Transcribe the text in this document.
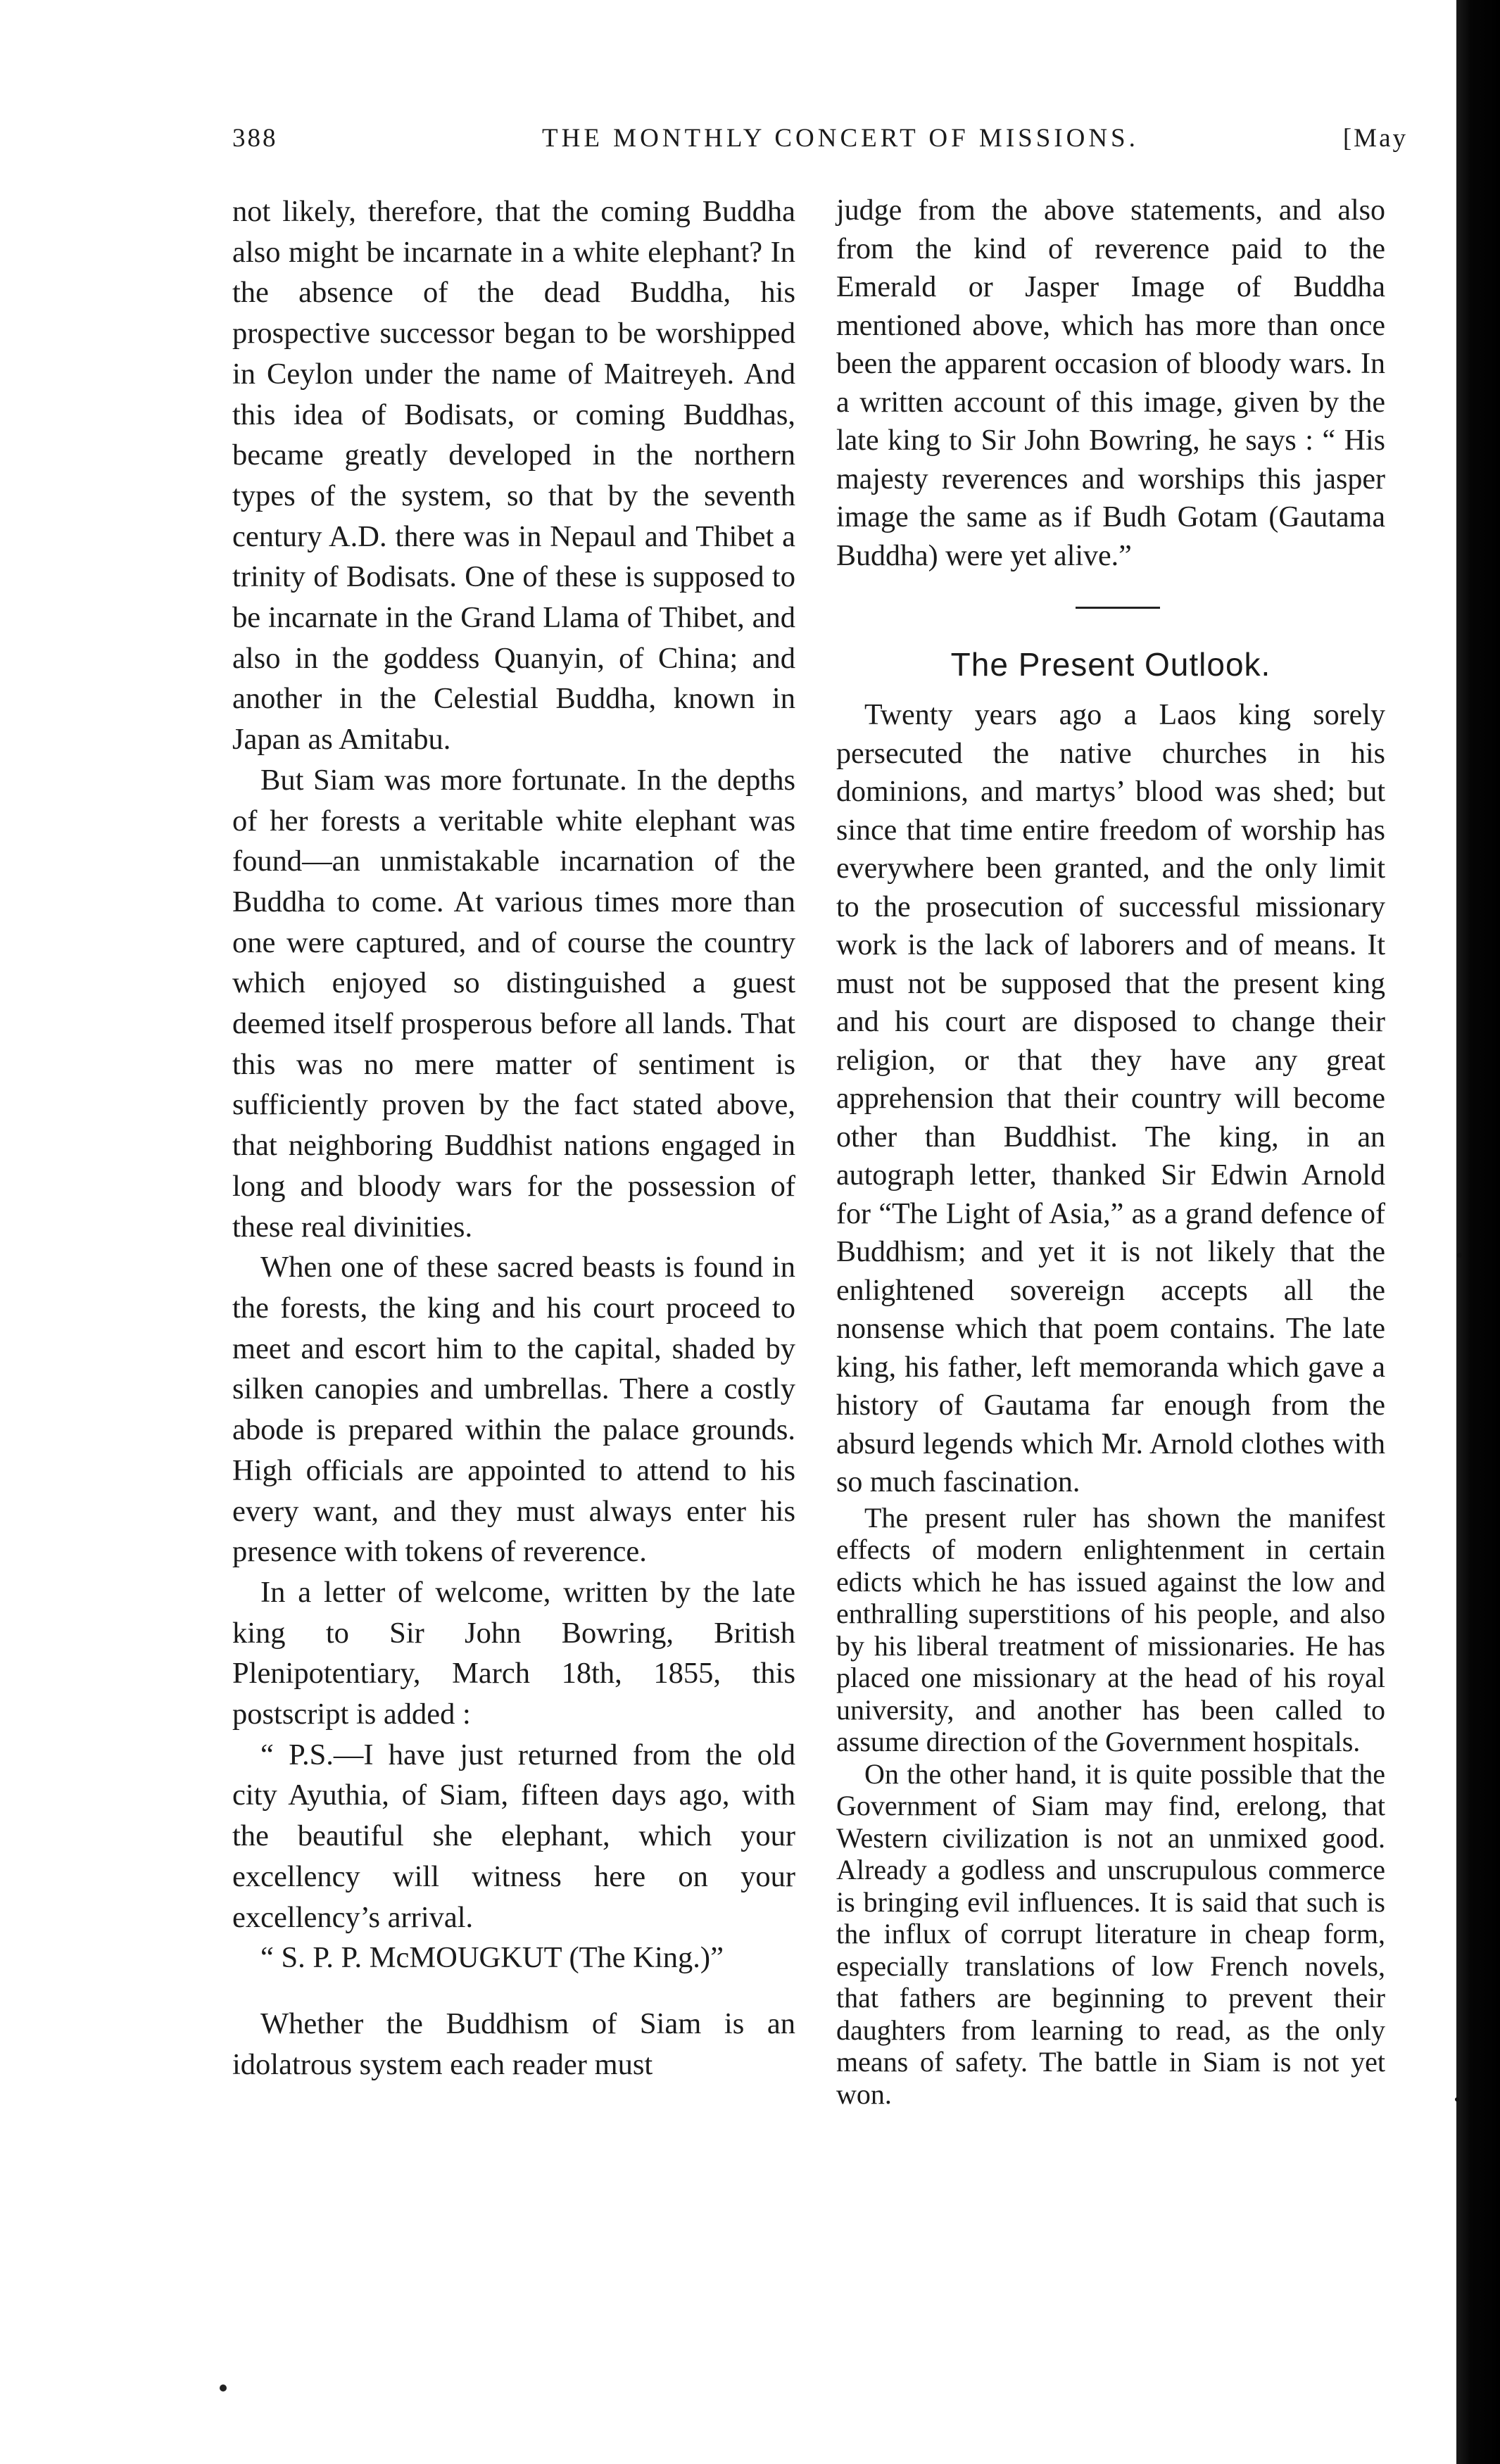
388	THE MONTHLY CONCERT OF MISSIONS.	[May

not likely, therefore, that the coming Buddha also might be incarnate in a white elephant? In the absence of the dead Buddha, his prospective successor began to be worshipped in Ceylon under the name of Maitreyeh. And this idea of Bodisats, or coming Buddhas, became greatly developed in the northern types of the system, so that by the seventh century A.D. there was in Nepaul and Thibet a trinity of Bodisats. One of these is supposed to be incarnate in the Grand Llama of Thibet, and also in the goddess Quanyin, of China; and another in the Celestial Buddha, known in Japan as Amitabu.

But Siam was more fortunate. In the depths of her forests a veritable white elephant was found—an unmistakable incarnation of the Buddha to come. At various times more than one were captured, and of course the country which enjoyed so distinguished a guest deemed itself prosperous before all lands. That this was no mere matter of sentiment is sufficiently proven by the fact stated above, that neighboring Buddhist nations engaged in long and bloody wars for the possession of these real divinities.

When one of these sacred beasts is found in the forests, the king and his court proceed to meet and escort him to the capital, shaded by silken canopies and umbrellas. There a costly abode is prepared within the palace grounds. High officials are appointed to attend to his every want, and they must always enter his presence with tokens of reverence.

In a letter of welcome, written by the late king to Sir John Bowring, British Plenipotentiary, March 18th, 1855, this postscript is added :

“ P.S.—I have just returned from the old city Ayuthia, of Siam, fifteen days ago, with the beautiful she elephant, which your excellency will witness here on your excellency’s arrival.

“ S. P. P. McMOUGKUT (The King.)”

Whether the Buddhism of Siam is an idolatrous system each reader must

judge from the above statements, and also from the kind of reverence paid to the Emerald or Jasper Image of Buddha mentioned above, which has more than once been the apparent occasion of bloody wars. In a written account of this image, given by the late king to Sir John Bowring, he says : “ His majesty reverences and worships this jasper image the same as if Budh Gotam (Gautama Buddha) were yet alive.”

The Present Outlook.

Twenty years ago a Laos king sorely persecuted the native churches in his dominions, and martys’ blood was shed; but since that time entire freedom of worship has everywhere been granted, and the only limit to the prosecution of successful missionary work is the lack of laborers and of means. It must not be supposed that the present king and his court are disposed to change their religion, or that they have any great apprehension that their country will become other than Buddhist. The king, in an autograph letter, thanked Sir Edwin Arnold for “The Light of Asia,” as a grand defence of Buddhism; and yet it is not likely that the enlightened sovereign accepts all the nonsense which that poem contains. The late king, his father, left memoranda which gave a history of Gautama far enough from the absurd legends which Mr. Arnold clothes with so much fascination.

The present ruler has shown the manifest effects of modern enlightenment in certain edicts which he has issued against the low and enthralling superstitions of his people, and also by his liberal treatment of missionaries. He has placed one missionary at the head of his royal university, and another has been called to assume direction of the Government hospitals.

On the other hand, it is quite possible that the Government of Siam may find, erelong, that Western civilization is not an unmixed good. Already a godless and unscrupulous commerce is bringing evil influences. It is said that such is the influx of corrupt literature in cheap form, especially translations of low French novels, that fathers are beginning to prevent their daughters from learning to read, as the only means of safety. The battle in Siam is not yet won.
